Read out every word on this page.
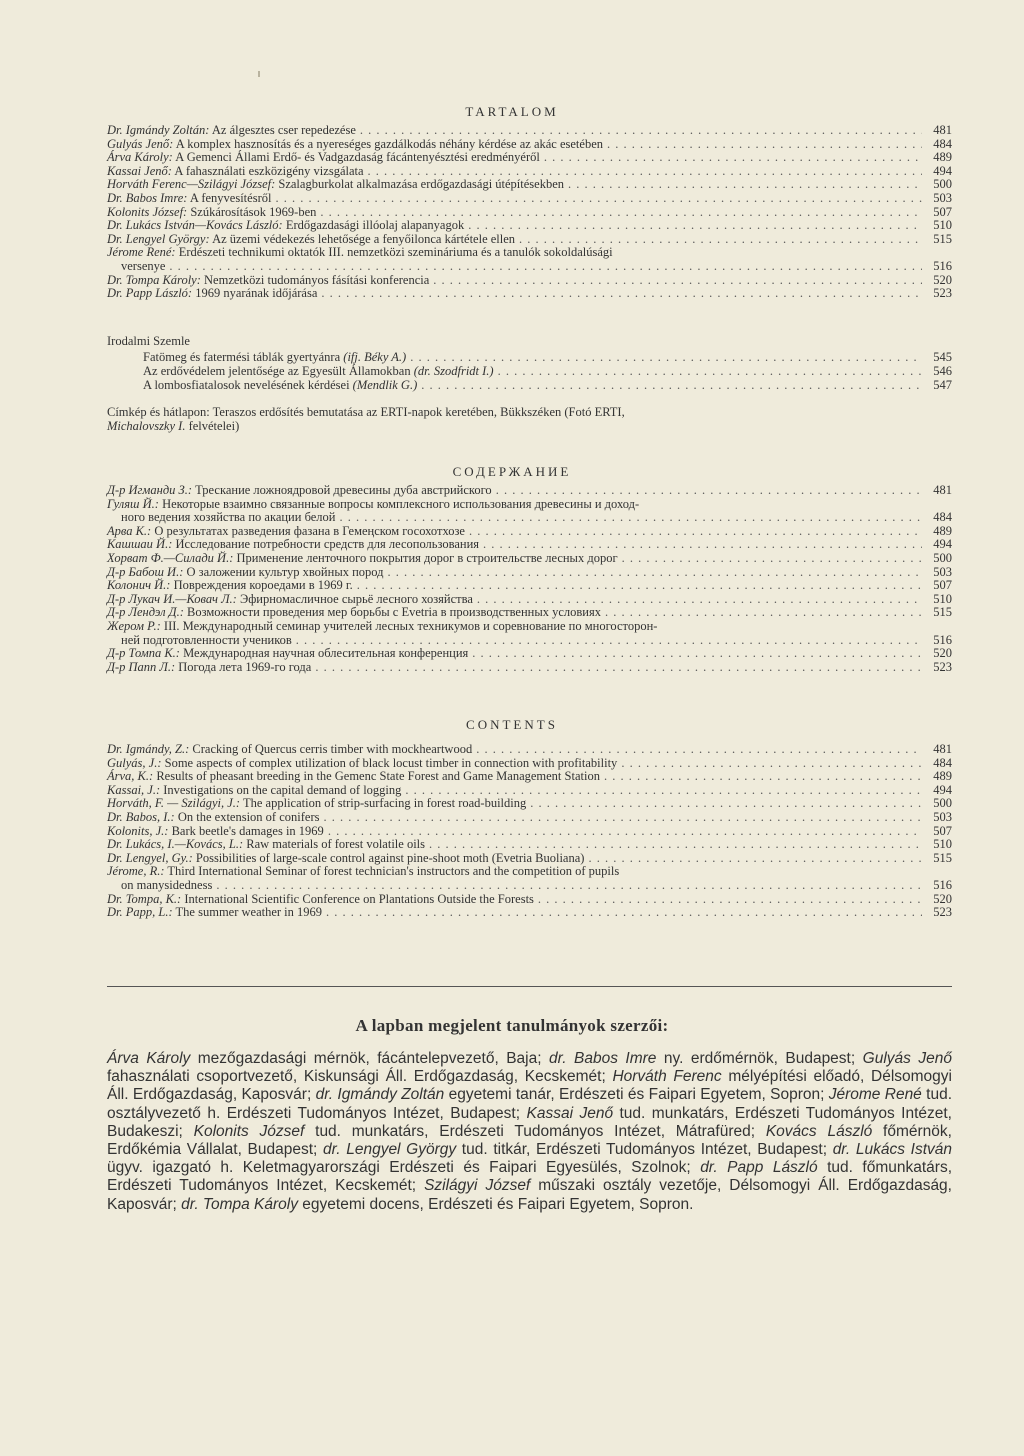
TARTALOM
Dr. Igmándy Zoltán: Az álgesztes cser repedezése . . .	481
Gulyás Jenő: A komplex hasznosítás és a nyereséges gazdálkodás néhány kérdése az akác esetében . . .	484
Árva Károly: A Gemenci Állami Erdő- és Vadgazdaság fácántenyésztési eredményéről . . .	489
Kassai Jenő: A fahasználati eszközigény vizsgálata . . .	494
Horváth Ferenc—Szilágyi József: Szalagburkolat alkalmazása erdőgazdasági útépítésekben . . .	500
Dr. Babos Imre: A fenyvesítésről . . .	503
Kolonits József: Szúkárosítások 1969-ben . . .	507
Dr. Lukács István—Kovács László: Erdőgazdasági illóolaj alapanyagok . . .	510
Dr. Lengyel György: Az üzemi védekezés lehetősége a fenyőilonca kártétele ellen . . .	515
Jérome René: Erdészeti technikumi oktatók III. nemzetközi szemináriuma és a tanulók sokoldalúsági
versenye . . .	516
Dr. Tompa Károly: Nemzetközi tudományos fásítási konferencia . . .	520
Dr. Papp László: 1969 nyarának időjárása . . .	523
Irodalmi Szemle
Fatömeg és fatermési táblák gyertyánra (ifj. Béky A.) . . .	545
Az erdővédelem jelentősége az Egyesült Államokban (dr. Szodfridt I.) . . .	546
A lombosfiatalosok nevelésének kérdései (Mendlik G.) . . .	547
Címkép és hátlapon: Teraszos erdősítés bemutatása az ERTI-napok keretében, Bükkszéken (Fotó ERTI,
Michalovszky I. felvételei)
СОДЕРЖАНИЕ
Д-р Игманди З.: Трескание ложноядровой древесины дуба австрийского . . .	481
Гуляш Й.: Некоторые взаимно связанные вопросы комплексного использования древесины и доход-
ного ведения хозяйства по акации белой . . .	484
Арва К.: О результатах разведения фазана в Гемеңском госохотхозе . . .	489
Кашшаи Й.: Исследование потребности средств для лесопользования . . .	494
Хорват Ф.—Силади Й.: Применение ленточного покрытия дорог в строительстве лесных дорог . . .	500
Д-р Бабош И.: О заложении культур хвойных пород . . .	503
Колонич Й.: Повреждения короедами в 1969 г. . . .	507
Д-р Лукач И.—Ковач Л.: Эфирномасличное сырьё лесного хозяйства . . .	510
Д-р Лендэл Д.: Возможности проведения мер борьбы с Evetria в производственных условиях . . .	515
Жером Р.: III. Международный семинар учителей лесных техникумов и соревнование по многосторон-
ней подготовленности учеников . . .	516
Д-р Томпа К.: Международная научная облесительная конференция . . .	520
Д-р Папп Л.: Погода лета 1969-го года . . .	523
CONTENTS
Dr. Igmándy, Z.: Cracking of Quercus cerris timber with mockheartwood . . .	481
Gulyás, J.: Some aspects of complex utilization of black locust timber in connection with profitability . . .	484
Árva, K.: Results of pheasant breeding in the Gemenc State Forest and Game Management Station . . .	489
Kassai, J.: Investigations on the capital demand of logging . . .	494
Horváth, F. — Szilágyi, J.: The application of strip-surfacing in forest road-building . . .	500
Dr. Babos, I.: On the extension of conifers . . .	503
Kolonits, J.: Bark beetle's damages in 1969 . . .	507
Dr. Lukács, I.—Kovács, L.: Raw materials of forest volatile oils . . .	510
Dr. Lengyel, Gy.: Possibilities of large-scale control against pine-shoot moth (Evetria Buoliana) . . .	515
Jérome, R.: Third International Seminar of forest technician's instructors and the competition of pupils
on manysidedness . . .	516
Dr. Tompa, K.: International Scientific Conference on Plantations Outside the Forests . . .	520
Dr. Papp, L.: The summer weather in 1969 . . .	523
A lapban megjelent tanulmányok szerzői:

Árva Károly mezőgazdasági mérnök, fácántelepvezető, Baja; dr. Babos Imre ny. erdőmérnök, Budapest; Gulyás Jenő fahasználati csoportvezető, Kiskunsági Áll. Erdőgazdaság, Kecskemét; Horváth Ferenc mélyépítési előadó, Délsomogyi Áll. Erdőgazdaság, Kaposvár; dr. Igmándy Zoltán egyetemi tanár, Erdészeti és Faipari Egyetem, Sopron; Jérome René tud. osztályvezető h. Erdészeti Tudományos Intézet, Budapest; Kassai Jenő tud. munkatárs, Erdészeti Tudományos Intézet, Budakeszi; Kolonits József tud. munkatárs, Erdészeti Tudományos Intézet, Mátrafüred; Kovács László főmérnök, Erdőkémia Vállalat, Budapest; dr. Lengyel György tud. titkár, Erdészeti Tudományos Intézet, Budapest; dr. Lukács István ügyv. igazgató h. Keletmagyarországi Erdészeti és Faipari Egyesülés, Szolnok; dr. Papp László tud. főmunkatárs, Erdészeti Tudományos Intézet, Kecskemét; Szilágyi József műszaki osztály vezetője, Délsomogyi Áll. Erdőgazdaság, Kaposvár; dr. Tompa Károly egyetemi docens, Erdészeti és Faipari Egyetem, Sopron.
